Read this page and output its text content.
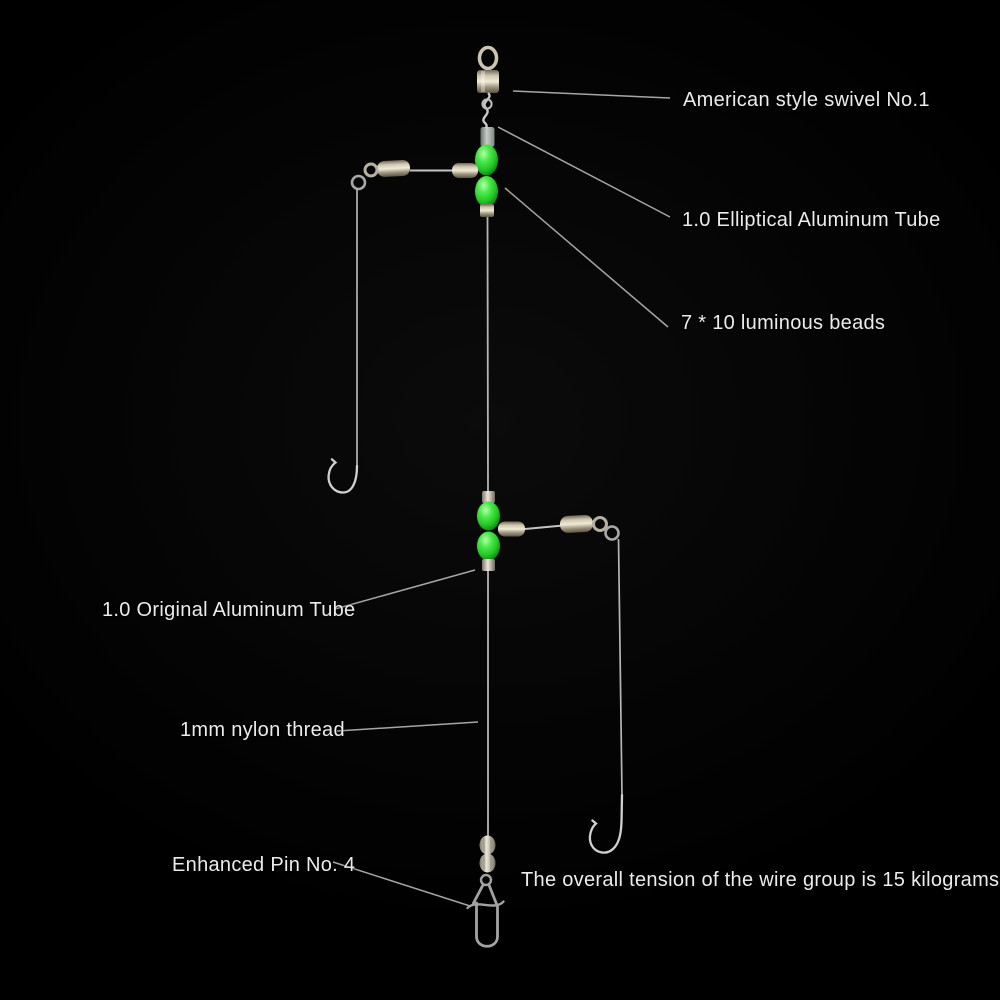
American style swivel No.1
1.0 Elliptical Aluminum Tube
7 * 10 luminous beads
1.0 Original Aluminum Tube
1mm nylon thread
Enhanced Pin No. 4
The overall tension of the wire group is 15 kilograms
